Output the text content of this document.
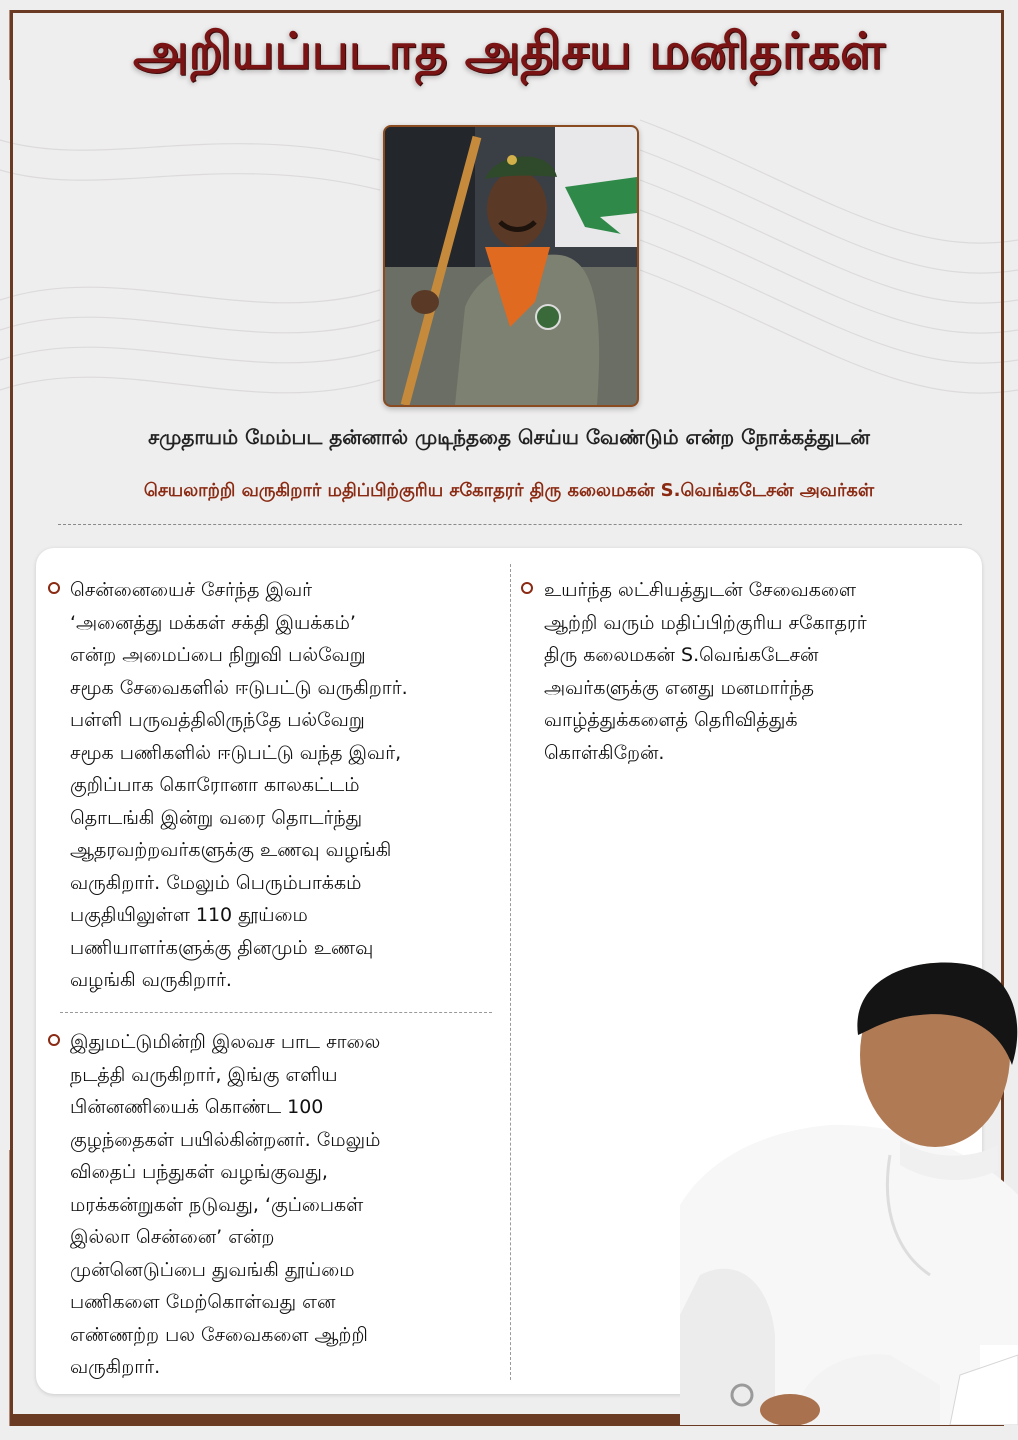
அறியப்படாத அதிசய மனிதர்கள்
சமுதாயம் மேம்பட தன்னால் முடிந்ததை செய்ய வேண்டும் என்ற நோக்கத்துடன்
செயலாற்றி வருகிறார் மதிப்பிற்குரிய சகோதரர் திரு கலைமகன் S.வெங்கடேசன் அவர்கள்

சென்னையைச் சேர்ந்த இவர்
‘அனைத்து மக்கள் சக்தி இயக்கம்’
என்ற அமைப்பை நிறுவி பல்வேறு
சமூக சேவைகளில் ஈடுபட்டு வருகிறார்.
பள்ளி பருவத்திலிருந்தே பல்வேறு
சமூக பணிகளில் ஈடுபட்டு வந்த இவர்,
குறிப்பாக கொரோனா காலகட்டம்
தொடங்கி இன்று வரை தொடர்ந்து
ஆதரவற்றவர்களுக்கு உணவு வழங்கி
வருகிறார். மேலும் பெரும்பாக்கம்
பகுதியிலுள்ள 110 தூய்மை
பணியாளர்களுக்கு தினமும் உணவு
வழங்கி வருகிறார்.

இதுமட்டுமின்றி இலவச பாட சாலை
நடத்தி வருகிறார், இங்கு எளிய
பின்னணியைக் கொண்ட 100
குழந்தைகள் பயில்கின்றனர். மேலும்
விதைப் பந்துகள் வழங்குவது,
மரக்கன்றுகள் நடுவது, ‘குப்பைகள்
இல்லா சென்னை’ என்ற
முன்னெடுப்பை துவங்கி தூய்மை
பணிகளை மேற்கொள்வது என
எண்ணற்ற பல சேவைகளை ஆற்றி
வருகிறார்.

உயர்ந்த லட்சியத்துடன் சேவைகளை
ஆற்றி வரும் மதிப்பிற்குரிய சகோதரர்
திரு கலைமகன் S.வெங்கடேசன்
அவர்களுக்கு எனது மனமார்ந்த
வாழ்த்துக்களைத் தெரிவித்துக்
கொள்கிறேன்.
